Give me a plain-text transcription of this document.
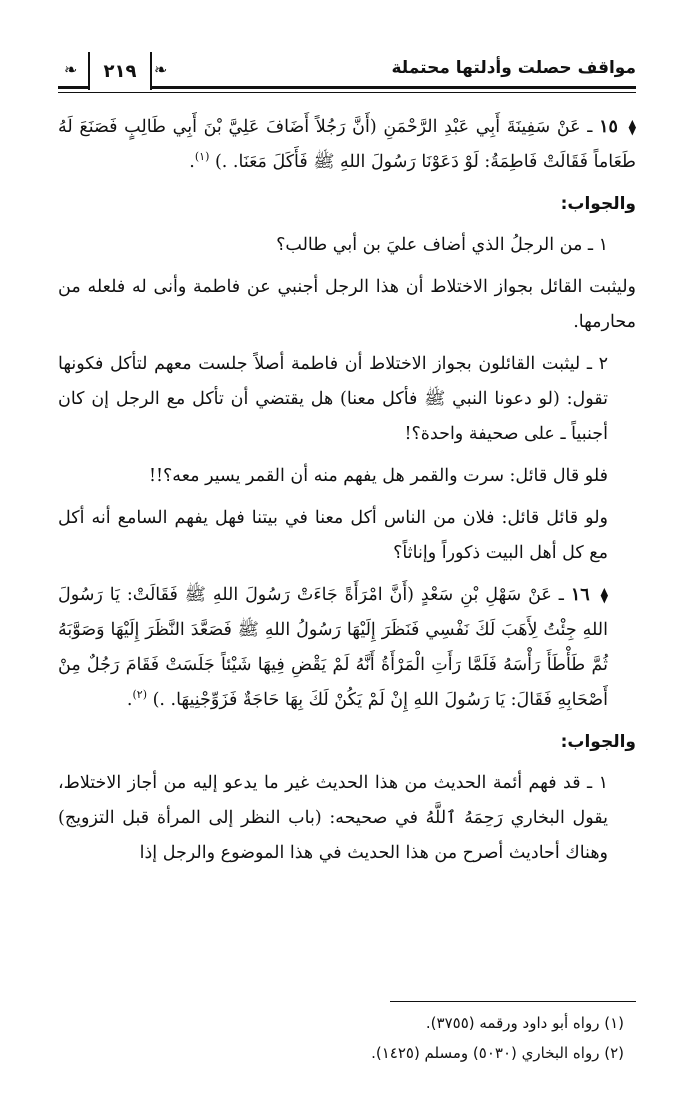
مواقف حصلت وأدلتها محتملة
❧
٢١٩
❧

⧫ ١٥ ـ عَنْ سَفِينَةَ أَبِي عَبْدِ الرَّحْمَنِ (أَنَّ رَجُلاً أَضَافَ عَلِيَّ بْنَ أَبِي طَالِبٍ فَصَنَعَ لَهُ طَعَاماً فَقَالَتْ فَاطِمَةُ: لَوْ دَعَوْنَا رَسُولَ اللهِ ﷺ فَأَكَلَ مَعَنَا. .) $^{(١)}$.

والجواب:

١ ـ من الرجلُ الذي أضاف عليَ بن أبي طالب؟

وليثبت القائل بجواز الاختلاط أن هذا الرجل أجنبي عن فاطمة وأنى له فلعله من محارمها.

٢ ـ ليثبت القائلون بجواز الاختلاط أن فاطمة أصلاً جلست معهم لتأكل فكونها تقول: (لو دعونا النبي ﷺ فأكل معنا) هل يقتضي أن تأكل مع الرجل إن كان أجنبياً ـ على صحيفة واحدة؟!

فلو قال قائل: سرت والقمر هل يفهم منه أن القمر يسير معه؟!!

ولو قائل قائل: فلان من الناس أكل معنا في بيتنا فهل يفهم السامع أنه أكل مع كل أهل البيت ذكوراً وإناثاً؟

⧫ ١٦ ـ عَنْ سَهْلِ بْنِ سَعْدٍ (أَنَّ امْرَأَةً جَاءَتْ رَسُولَ اللهِ ﷺ فَقَالَتْ: يَا رَسُولَ اللهِ جِئْتُ لِأَهَبَ لَكَ نَفْسِي فَنَظَرَ إِلَيْهَا رَسُولُ اللهِ ﷺ فَصَعَّدَ النَّظَرَ إِلَيْهَا وَصَوَّبَهُ ثُمَّ طَأْطَأَ رَأْسَهُ فَلَمَّا رَأَتِ الْمَرْأَةُ أَنَّهُ لَمْ يَقْضِ فِيهَا شَيْئاً جَلَسَتْ فَقَامَ رَجُلٌ مِنْ أَصْحَابِهِ فَقَالَ: يَا رَسُولَ اللهِ إِنْ لَمْ يَكُنْ لَكَ بِهَا حَاجَةٌ فَزَوِّجْنِيهَا. .) $^{(٢)}$.

والجواب:

١ ـ قد فهم أئمة الحديث من هذا الحديث غير ما يدعو إليه من أجاز الاختلاط، يقول البخاري رَحِمَهُ ٱللَّهُ في صحيحه: (باب النظر إلى المرأة قبل التزويج) وهناك أحاديث أصرح من هذا الحديث في هذا الموضوع والرجل إذا

(١) رواه أبو داود ورقمه (٣٧٥٥).
(٢) رواه البخاري (٥٠٣٠) ومسلم (١٤٢٥).
